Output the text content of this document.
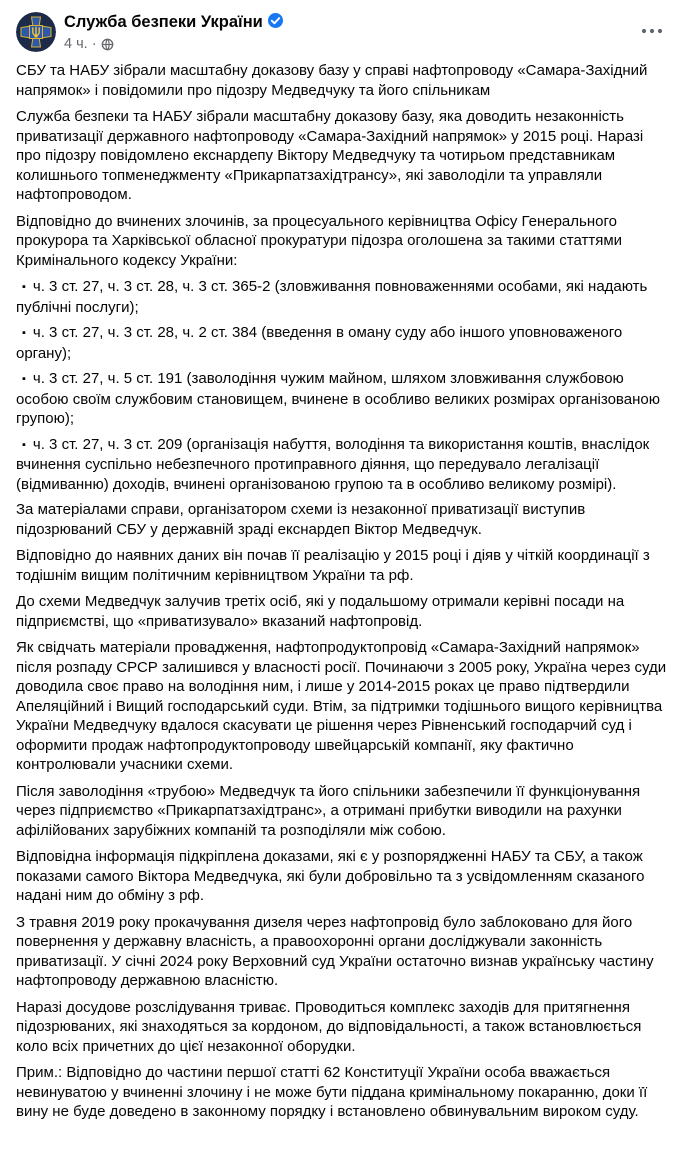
Служба безпеки України
4 ч. ·

СБУ та НАБУ зібрали масштабну доказову базу у справі нафтопроводу «Самара-Західний напрямок» і повідомили про підозру Медведчуку та його спільникам

Служба безпеки та НАБУ зібрали масштабну доказову базу, яка доводить незаконність приватизації державного нафтопроводу «Самара-Західний напрямок» у 2015 році. Наразі про підозру повідомлено екснардепу Віктору Медведчуку та чотирьом представникам колишнього топменеджменту «Прикарпатзахідтрансу», які заволоділи та управляли нафтопроводом.

Відповідно до вчинених злочинів, за процесуального керівництва Офісу Генерального прокурора та Харківської обласної прокуратури підозра оголошена за такими статтями Кримінального кодексу України:

▪ ч. 3 ст. 27, ч. 3 ст. 28, ч. 3 ст. 365-2 (зловживання повноваженнями особами, які надають публічні послуги);

▪ ч. 3 ст. 27, ч. 3 ст. 28, ч. 2 ст. 384 (введення в оману суду або іншого уповноваженого органу);

▪ ч. 3 ст. 27, ч. 5 ст. 191 (заволодіння чужим майном, шляхом зловживання службовою особою своїм службовим становищем, вчинене в особливо великих розмірах організованою групою);

▪ ч. 3 ст. 27, ч. 3 ст. 209 (організація набуття, володіння та використання коштів, внаслідок вчинення суспільно небезпечного протиправного діяння, що передувало легалізації (відмиванню) доходів, вчинені організованою групою та в особливо великому розмірі).

За матеріалами справи, організатором схеми із незаконної приватизації виступив підозрюваний СБУ у державній зраді екснардеп Віктор Медведчук.

Відповідно до наявних даних він почав її реалізацію у 2015 році і діяв у чіткій координації з тодішнім вищим політичним керівництвом України та рф.

До схеми Медведчук залучив третіх осіб, які у подальшому отримали керівні посади на підприємстві, що «приватизувало» вказаний нафтопровід.

Як свідчать матеріали провадження, нафтопродуктопровід «Самара-Західний напрямок» після розпаду СРСР залишився у власності росії. Починаючи з 2005 року, Україна через суди доводила своє право на володіння ним, і лише у 2014-2015 роках це право підтвердили Апеляційний і Вищий господарський суди. Втім, за підтримки тодішнього вищого керівництва України Медведчуку вдалося скасувати це рішення через Рівненський господарчий суд і оформити продаж нафтопродуктопроводу швейцарській компанії, яку фактично контролювали учасники схеми.

Після заволодіння «трубою» Медведчук та його спільники забезпечили її функціонування через підприємство «Прикарпатзахідтранс», а отримані прибутки виводили на рахунки афілійованих зарубіжних компаній та розподіляли між собою.

Відповідна інформація підкріплена доказами, які є у розпорядженні НАБУ та СБУ, а також показами самого Віктора Медведчука, які були добровільно та з усвідомленням сказаного надані ним до обміну з рф.

З травня 2019 року прокачування дизеля через нафтопровід було заблоковано для його повернення у державну власність, а правоохоронні органи досліджували законність приватизації. У січні 2024 року Верховний суд України остаточно визнав українську частину нафтопроводу державною власністю.

Наразі досудове розслідування триває. Проводиться комплекс заходів для притягнення підозрюваних, які знаходяться за кордоном, до відповідальності, а також встановлюється коло всіх причетних до цієї незаконної оборудки.

Прим.: Відповідно до частини першої статті 62 Конституції України особа вважається невинуватою у вчиненні злочину і не може бути піддана кримінальному покаранню, доки її вину не буде доведено в законному порядку і встановлено обвинувальним вироком суду.
